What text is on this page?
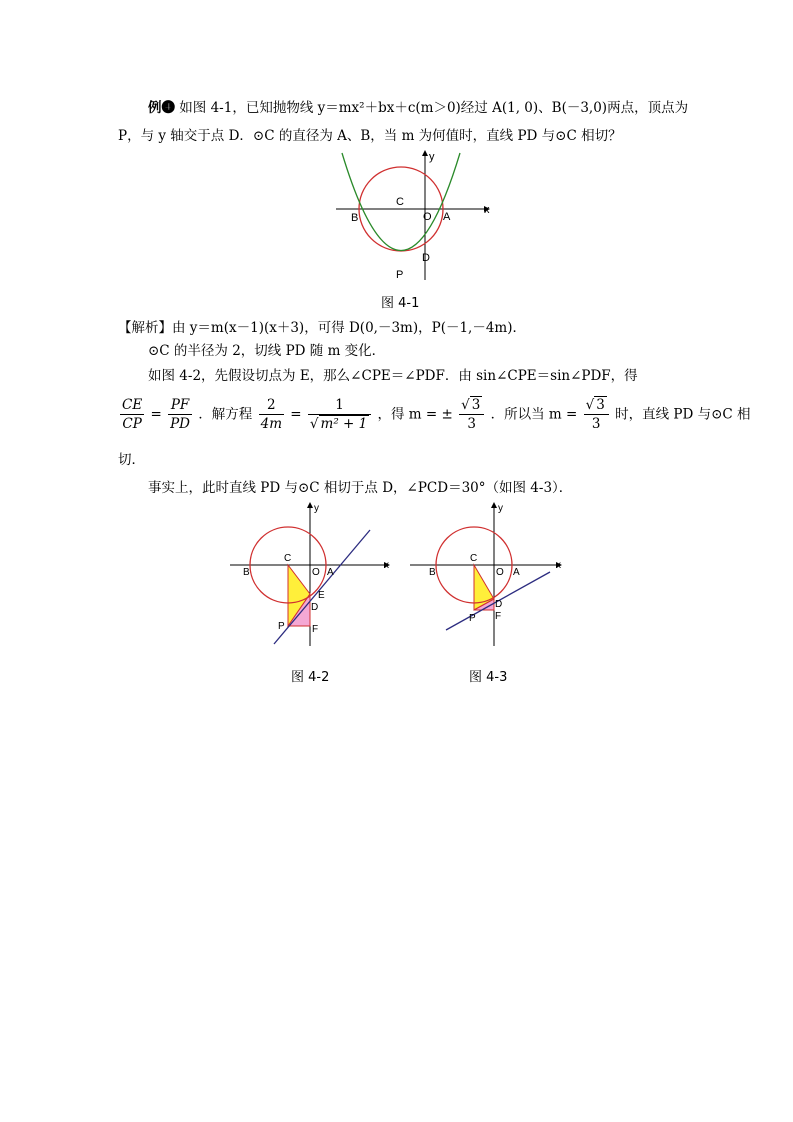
例❹ 如图 4-1，已知抛物线 y＝mx²＋bx＋c(m＞0)经过 A(1, 0)、B(－3,0)两点，顶点为
P，与 y 轴交于点 D．⊙C 的直径为 A、B，当 m 为何值时，直线 PD 与⊙C 相切？
y
x
B
C
O A
D
P
图 4-1
【解析】由 y＝m(x－1)(x＋3)，可得 D(0,－3m)，P(－1,－4m)．
⊙C 的半径为 2，切线 PD 随 m 变化．
如图 4-2，先假设切点为 E，那么∠CPE＝∠PDF．由 sin∠CPE＝sin∠PDF，得
$\frac{CE}{CP} = \frac{PF}{PD}$ ．解方程 $\frac{2}{4m} = \frac{1}{\text{√ m² + 1}}$ ，得 m = ± $\frac{√ 3}{3}$ ．所以当 $m = \frac{√ 3}{3}$ 时，直线 PD 与⊙C 相
切．
事实上，此时直线 PD 与⊙C 相切于点 D，∠PCD＝30°（如图 4-3）．
y
x
B
C
O A
E
D
P	F
图 4-2
y
x
B
C
O A
D
P F
图 4-3
